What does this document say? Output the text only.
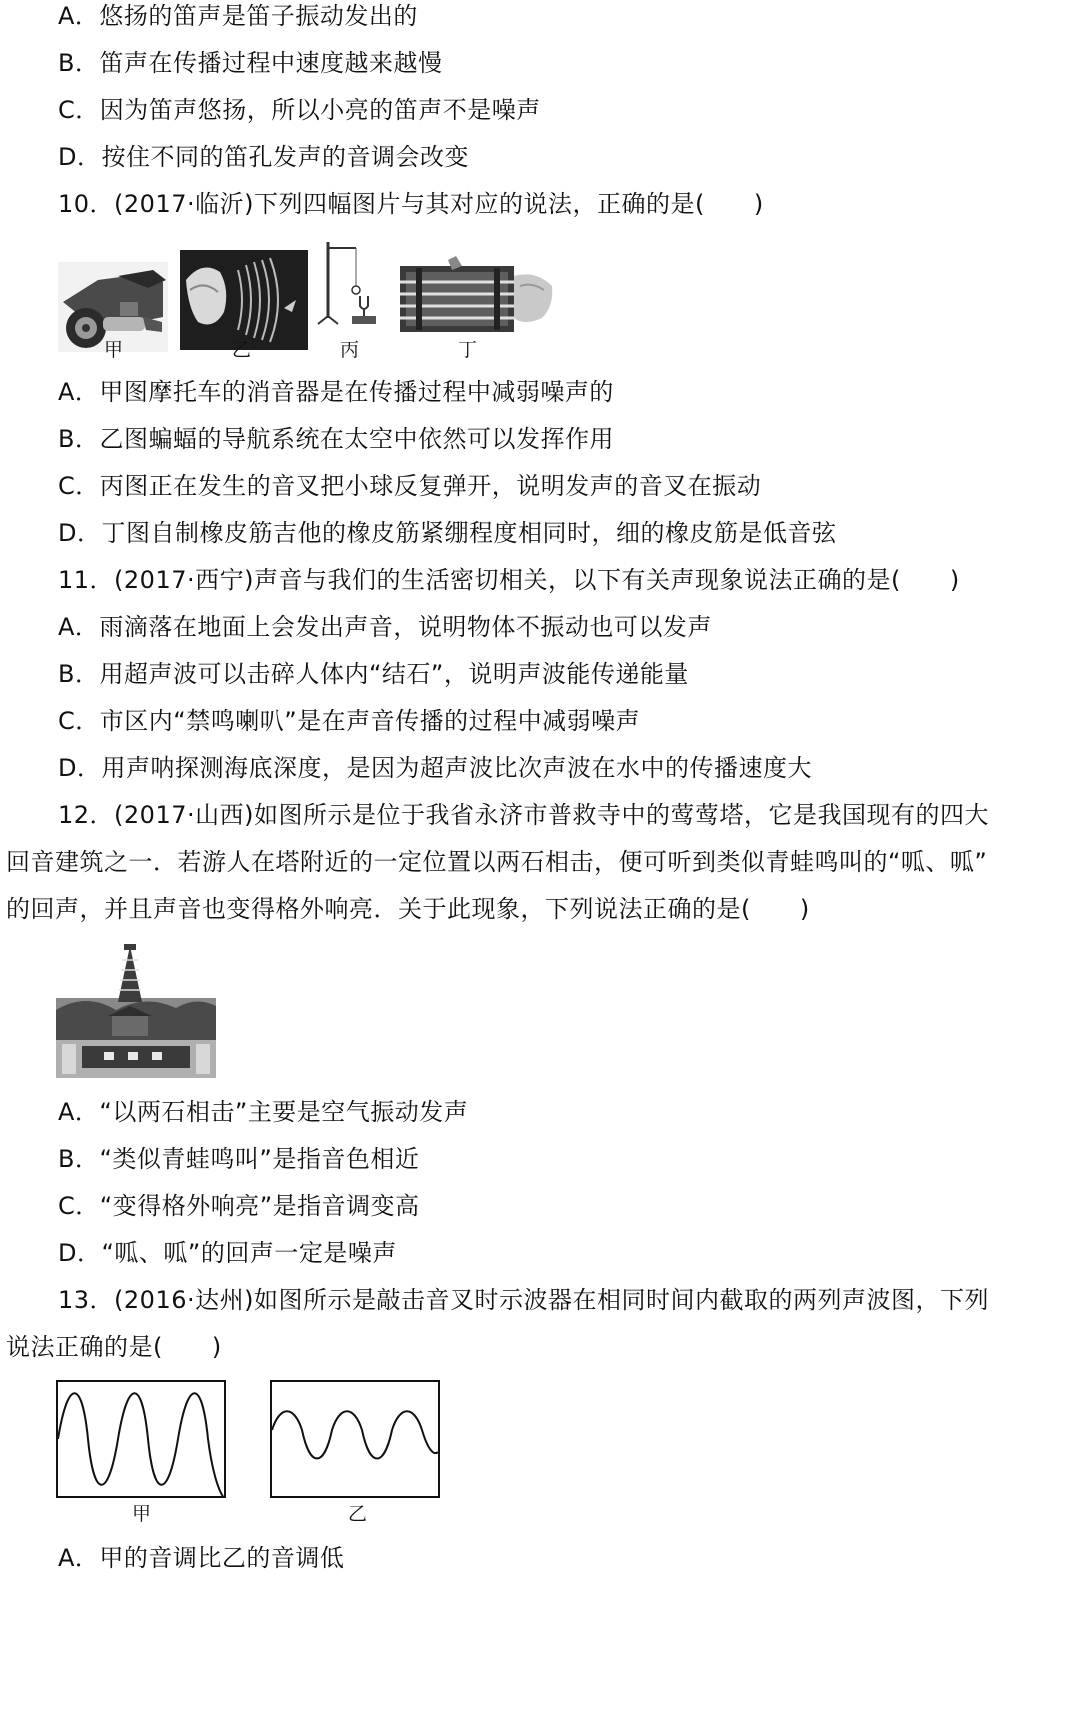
A．悠扬的笛声是笛子振动发出的
B．笛声在传播过程中速度越来越慢
C．因为笛声悠扬，所以小亮的笛声不是噪声
D．按住不同的笛孔发声的音调会改变
10．(2017·临沂)下列四幅图片与其对应的说法，正确的是(　　)
甲	乙	丙	丁
A．甲图摩托车的消音器是在传播过程中减弱噪声的
B．乙图蝙蝠的导航系统在太空中依然可以发挥作用
C．丙图正在发生的音叉把小球反复弹开，说明发声的音叉在振动
D．丁图自制橡皮筋吉他的橡皮筋紧绷程度相同时，细的橡皮筋是低音弦
11．(2017·西宁)声音与我们的生活密切相关，以下有关声现象说法正确的是(　　)
A．雨滴落在地面上会发出声音，说明物体不振动也可以发声
B．用超声波可以击碎人体内“结石”，说明声波能传递能量
C．市区内“禁鸣喇叭”是在声音传播的过程中减弱噪声
D．用声呐探测海底深度，是因为超声波比次声波在水中的传播速度大
12．(2017·山西)如图所示是位于我省永济市普救寺中的莺莺塔，它是我国现有的四大
回音建筑之一．若游人在塔附近的一定位置以两石相击，便可听到类似青蛙鸣叫的“呱、呱”
的回声，并且声音也变得格外响亮．关于此现象，下列说法正确的是(　　)
A．“以两石相击”主要是空气振动发声
B．“类似青蛙鸣叫”是指音色相近
C．“变得格外响亮”是指音调变高
D．“呱、呱”的回声一定是噪声
13．(2016·达州)如图所示是敲击音叉时示波器在相同时间内截取的两列声波图，下列
说法正确的是(　　)
甲	乙
A．甲的音调比乙的音调低
